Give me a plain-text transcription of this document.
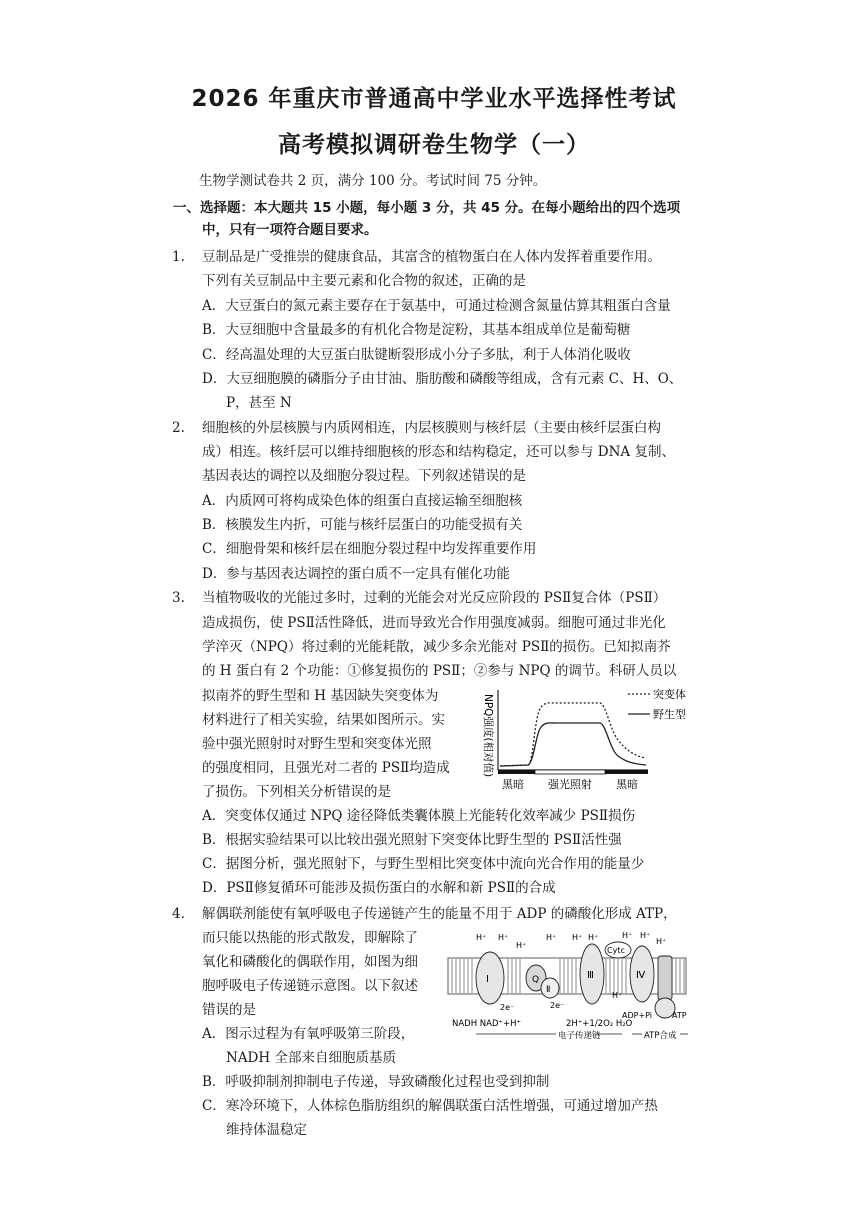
2026 年重庆市普通高中学业水平选择性考试
高考模拟调研卷生物学（一）
生物学测试卷共 2 页，满分 100 分。考试时间 75 分钟。
一、选择题：本大题共 15 小题，每小题 3 分，共 45 分。在每小题给出的四个选项
中，只有一项符合题目要求。
1. 豆制品是广受推崇的健康食品，其富含的植物蛋白在人体内发挥着重要作用。
下列有关豆制品中主要元素和化合物的叙述，正确的是
A．大豆蛋白的氮元素主要存在于氨基中，可通过检测含氮量估算其粗蛋白含量
B．大豆细胞中含量最多的有机化合物是淀粉，其基本组成单位是葡萄糖
C．经高温处理的大豆蛋白肽键断裂形成小分子多肽，利于人体消化吸收
D．大豆细胞膜的磷脂分子由甘油、脂肪酸和磷酸等组成，含有元素 C、H、O、
P，甚至 N
2. 细胞核的外层核膜与内质网相连，内层核膜则与核纤层（主要由核纤层蛋白构
成）相连。核纤层可以维持细胞核的形态和结构稳定，还可以参与 DNA 复制、
基因表达的调控以及细胞分裂过程。下列叙述错误的是
A．内质网可将构成染色体的组蛋白直接运输至细胞核
B．核膜发生内折，可能与核纤层蛋白的功能受损有关
C．细胞骨架和核纤层在细胞分裂过程中均发挥重要作用
D．参与基因表达调控的蛋白质不一定具有催化功能
3. 当植物吸收的光能过多时，过剩的光能会对光反应阶段的 PSⅡ复合体（PSⅡ）
造成损伤，使 PSⅡ活性降低，进而导致光合作用强度减弱。细胞可通过非光化
学淬灭（NPQ）将过剩的光能耗散，减少多余光能对 PSⅡ的损伤。已知拟南芥
的 H 蛋白有 2 个功能：①修复损伤的 PSⅡ；②参与 NPQ 的调节。科研人员以
拟南芥的野生型和 H 基因缺失突变体为
材料进行了相关实验，结果如图所示。实
验中强光照射时对野生型和突变体光照
的强度相同，且强光对二者的 PSⅡ均造成
了损伤。下列相关分析错误的是
A．突变体仅通过 NPQ 途径降低类囊体膜上光能转化效率减少 PSⅡ损伤
B．根据实验结果可以比较出强光照射下突变体比野生型的 PSⅡ活性强
C．据图分析，强光照射下，与野生型相比突变体中流向光合作用的能量少
D．PSⅡ修复循环可能涉及损伤蛋白的水解和新 PSⅡ的合成
NPQ强度(相对值)	突变体
野生型
黑暗 强光照射 黑暗
4. 解偶联剂能使有氧呼吸电子传递链产生的能量不用于 ADP 的磷酸化形成 ATP，
而只能以热能的形式散发，即解除了
氧化和磷酸化的偶联作用，如图为细
胞呼吸电子传递链示意图。以下叙述
错误的是
A．图示过程为有氧呼吸第三阶段，
NADH 全部来自细胞质基质
B．呼吸抑制剂抑制电子传递，导致磷酸化过程也受到抑制
C．寒冷环境下，人体棕色脂肪组织的解偶联蛋白活性增强，可通过增加产热
维持体温稳定
Ⅰ	Q
Ⅱ
Ⅲ
Cytc
Ⅳ
H⁺ H⁺
H⁺
H⁺ H⁺ H⁺	H⁺ H⁺
H⁺
H⁺
2e⁻	2e⁻
NADH NAD⁺+H⁺	2H⁺+1/2O₂ H₂O
ADP+Pi ATP
电子传递链	ATP合成
